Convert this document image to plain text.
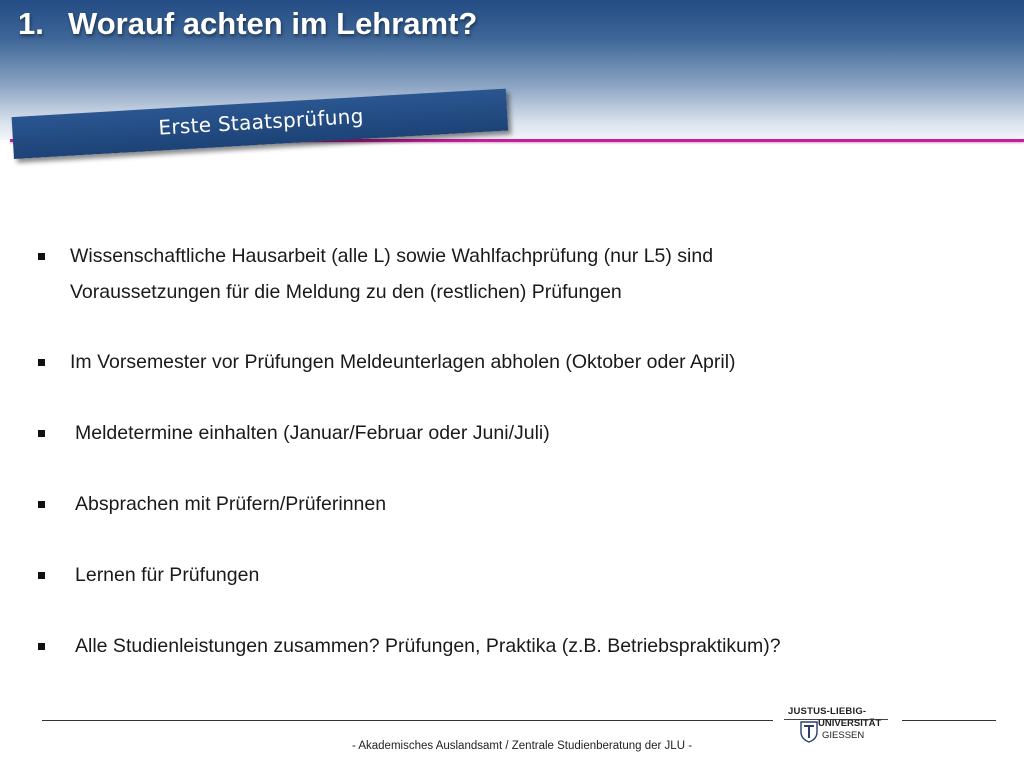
1. Worauf achten im Lehramt?
Erste Staatsprüfung
Wissenschaftliche Hausarbeit (alle L) sowie Wahlfachprüfung (nur L5) sind
Voraussetzungen für die Meldung zu den (restlichen) Prüfungen
Im Vorsemester vor Prüfungen Meldeunterlagen abholen (Oktober oder April)
Meldetermine einhalten (Januar/Februar oder Juni/Juli)
Absprachen mit Prüfern/Prüferinnen
Lernen für Prüfungen
Alle Studienleistungen zusammen? Prüfungen, Praktika (z.B. Betriebspraktikum)?
- Akademisches Auslandsamt / Zentrale Studienberatung der JLU -
JUSTUS-LIEBIG-
UNIVERSITÄT
GIESSEN
